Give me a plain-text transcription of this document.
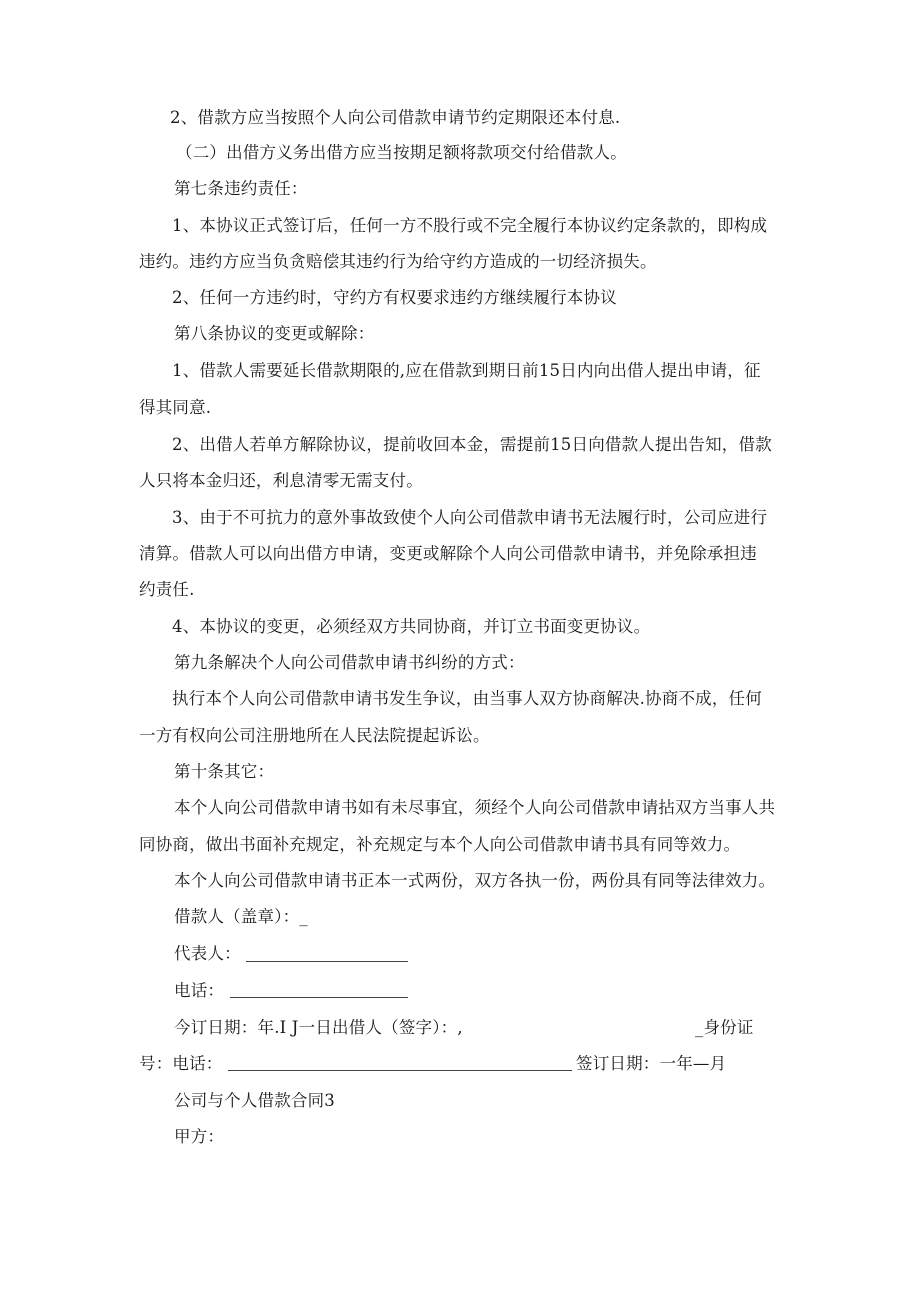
2、借款方应当按照个人向公司借款申请节约定期限还本付息.
（二）出借方义务出借方应当按期足额将款项交付给借款人。
第七条违约责任：
1、本协议正式签订后，任何一方不股行或不完全履行本协议约定条款的，即构成
违约。违约方应当负贪赔偿其违约行为给守约方造成的一切经济损失。
2、任何一方违约时，守约方有权要求违约方继续履行本协议
第八条协议的变更或解除：
1、借款人需要延长借款期限的,应在借款到期日前15日内向出借人提出申请，征
得其同意.
2、出借人若单方解除协议，提前收回本金，需提前15日向借款人提出告知，借款
人只将本金归还，利息清零无需支付。
3、由于不可抗力的意外事故致使个人向公司借款申请书无法履行时，公司应进行
清算。借款人可以向出借方申请，变更或解除个人向公司借款申请书，并免除承担违
约责任.
4、本协议的变更，必须经双方共同协商，并订立书面变更协议。
第九条解决个人向公司借款申请书纠纷的方式：
执行本个人向公司借款申请书发生争议，由当事人双方协商解决.协商不成，任何
一方有权向公司注册地所在人民法院提起诉讼。
第十条其它：
本个人向公司借款申请书如有未尽事宜，须经个人向公司借款申请拈双方当事人共
同协商，做出书面补充规定，补充规定与本个人向公司借款申请书具有同等效力。
本个人向公司借款申请书正本一式两份，双方各执一份，两份具有同等法律效力。
借款人（盖章）：_
代表人：
电话：
今订日期：年.I J一日出借人（签字）：,	_身份证
号：电话：	签订日期：一年—月
公司与个人借款合同3
甲方：
